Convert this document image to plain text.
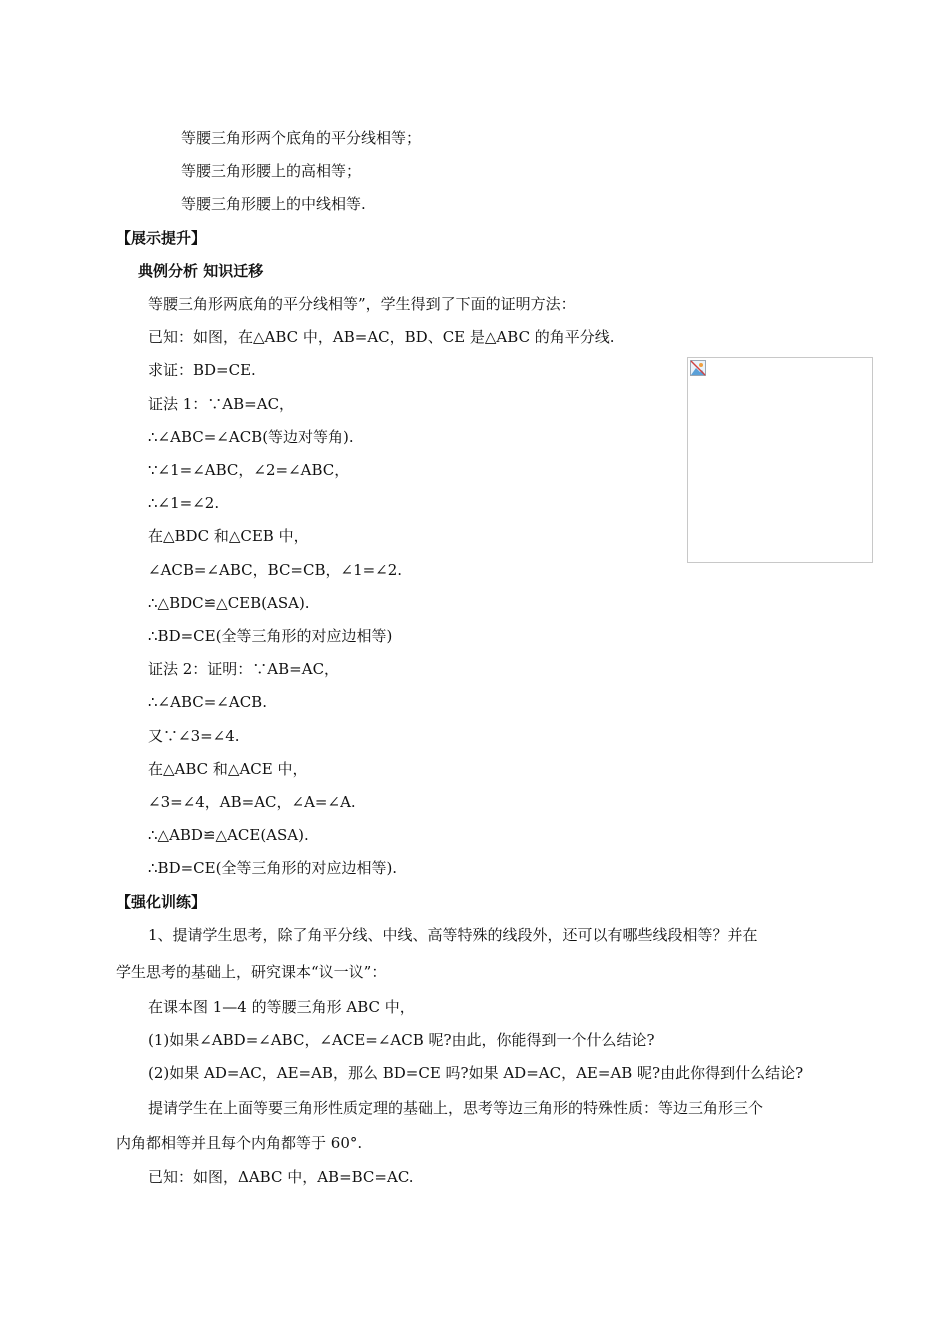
等腰三角形两个底角的平分线相等；
等腰三角形腰上的高相等；
等腰三角形腰上的中线相等.
【展示提升】
典例分析 知识迁移
等腰三角形两底角的平分线相等”，学生得到了下面的证明方法：
已知：如图，在△ABC 中，AB=AC，BD、CE 是△ABC 的角平分线.
求证：BD=CE.
证法 1：∵AB=AC，
∴∠ABC=∠ACB(等边对等角).
∵∠1=∠ABC，∠2=∠ABC，
∴∠1=∠2.
在△BDC 和△CEB 中，
∠ACB=∠ABC，BC=CB，∠1=∠2.
∴△BDC≌△CEB(ASA).
∴BD=CE(全等三角形的对应边相等)
证法 2：证明：∵AB=AC，
∴∠ABC=∠ACB.
又∵∠3=∠4.
在△ABC 和△ACE 中，
∠3=∠4，AB=AC，∠A=∠A.
∴△ABD≌△ACE(ASA).
∴BD=CE(全等三角形的对应边相等).
【强化训练】
1、提请学生思考，除了角平分线、中线、高等特殊的线段外，还可以有哪些线段相等？并在
学生思考的基础上，研究课本“议一议”：
在课本图 1—4 的等腰三角形 ABC 中，
(1)如果∠ABD=∠ABC，∠ACE=∠ACB 呢?由此，你能得到一个什么结论?
(2)如果 AD=AC，AE=AB，那么 BD=CE 吗?如果 AD=AC，AE=AB 呢?由此你得到什么结论?
提请学生在上面等要三角形性质定理的基础上，思考等边三角形的特殊性质：等边三角形三个
内角都相等并且每个内角都等于 60°.
已知：如图，ΔABC 中，AB=BC=AC.
